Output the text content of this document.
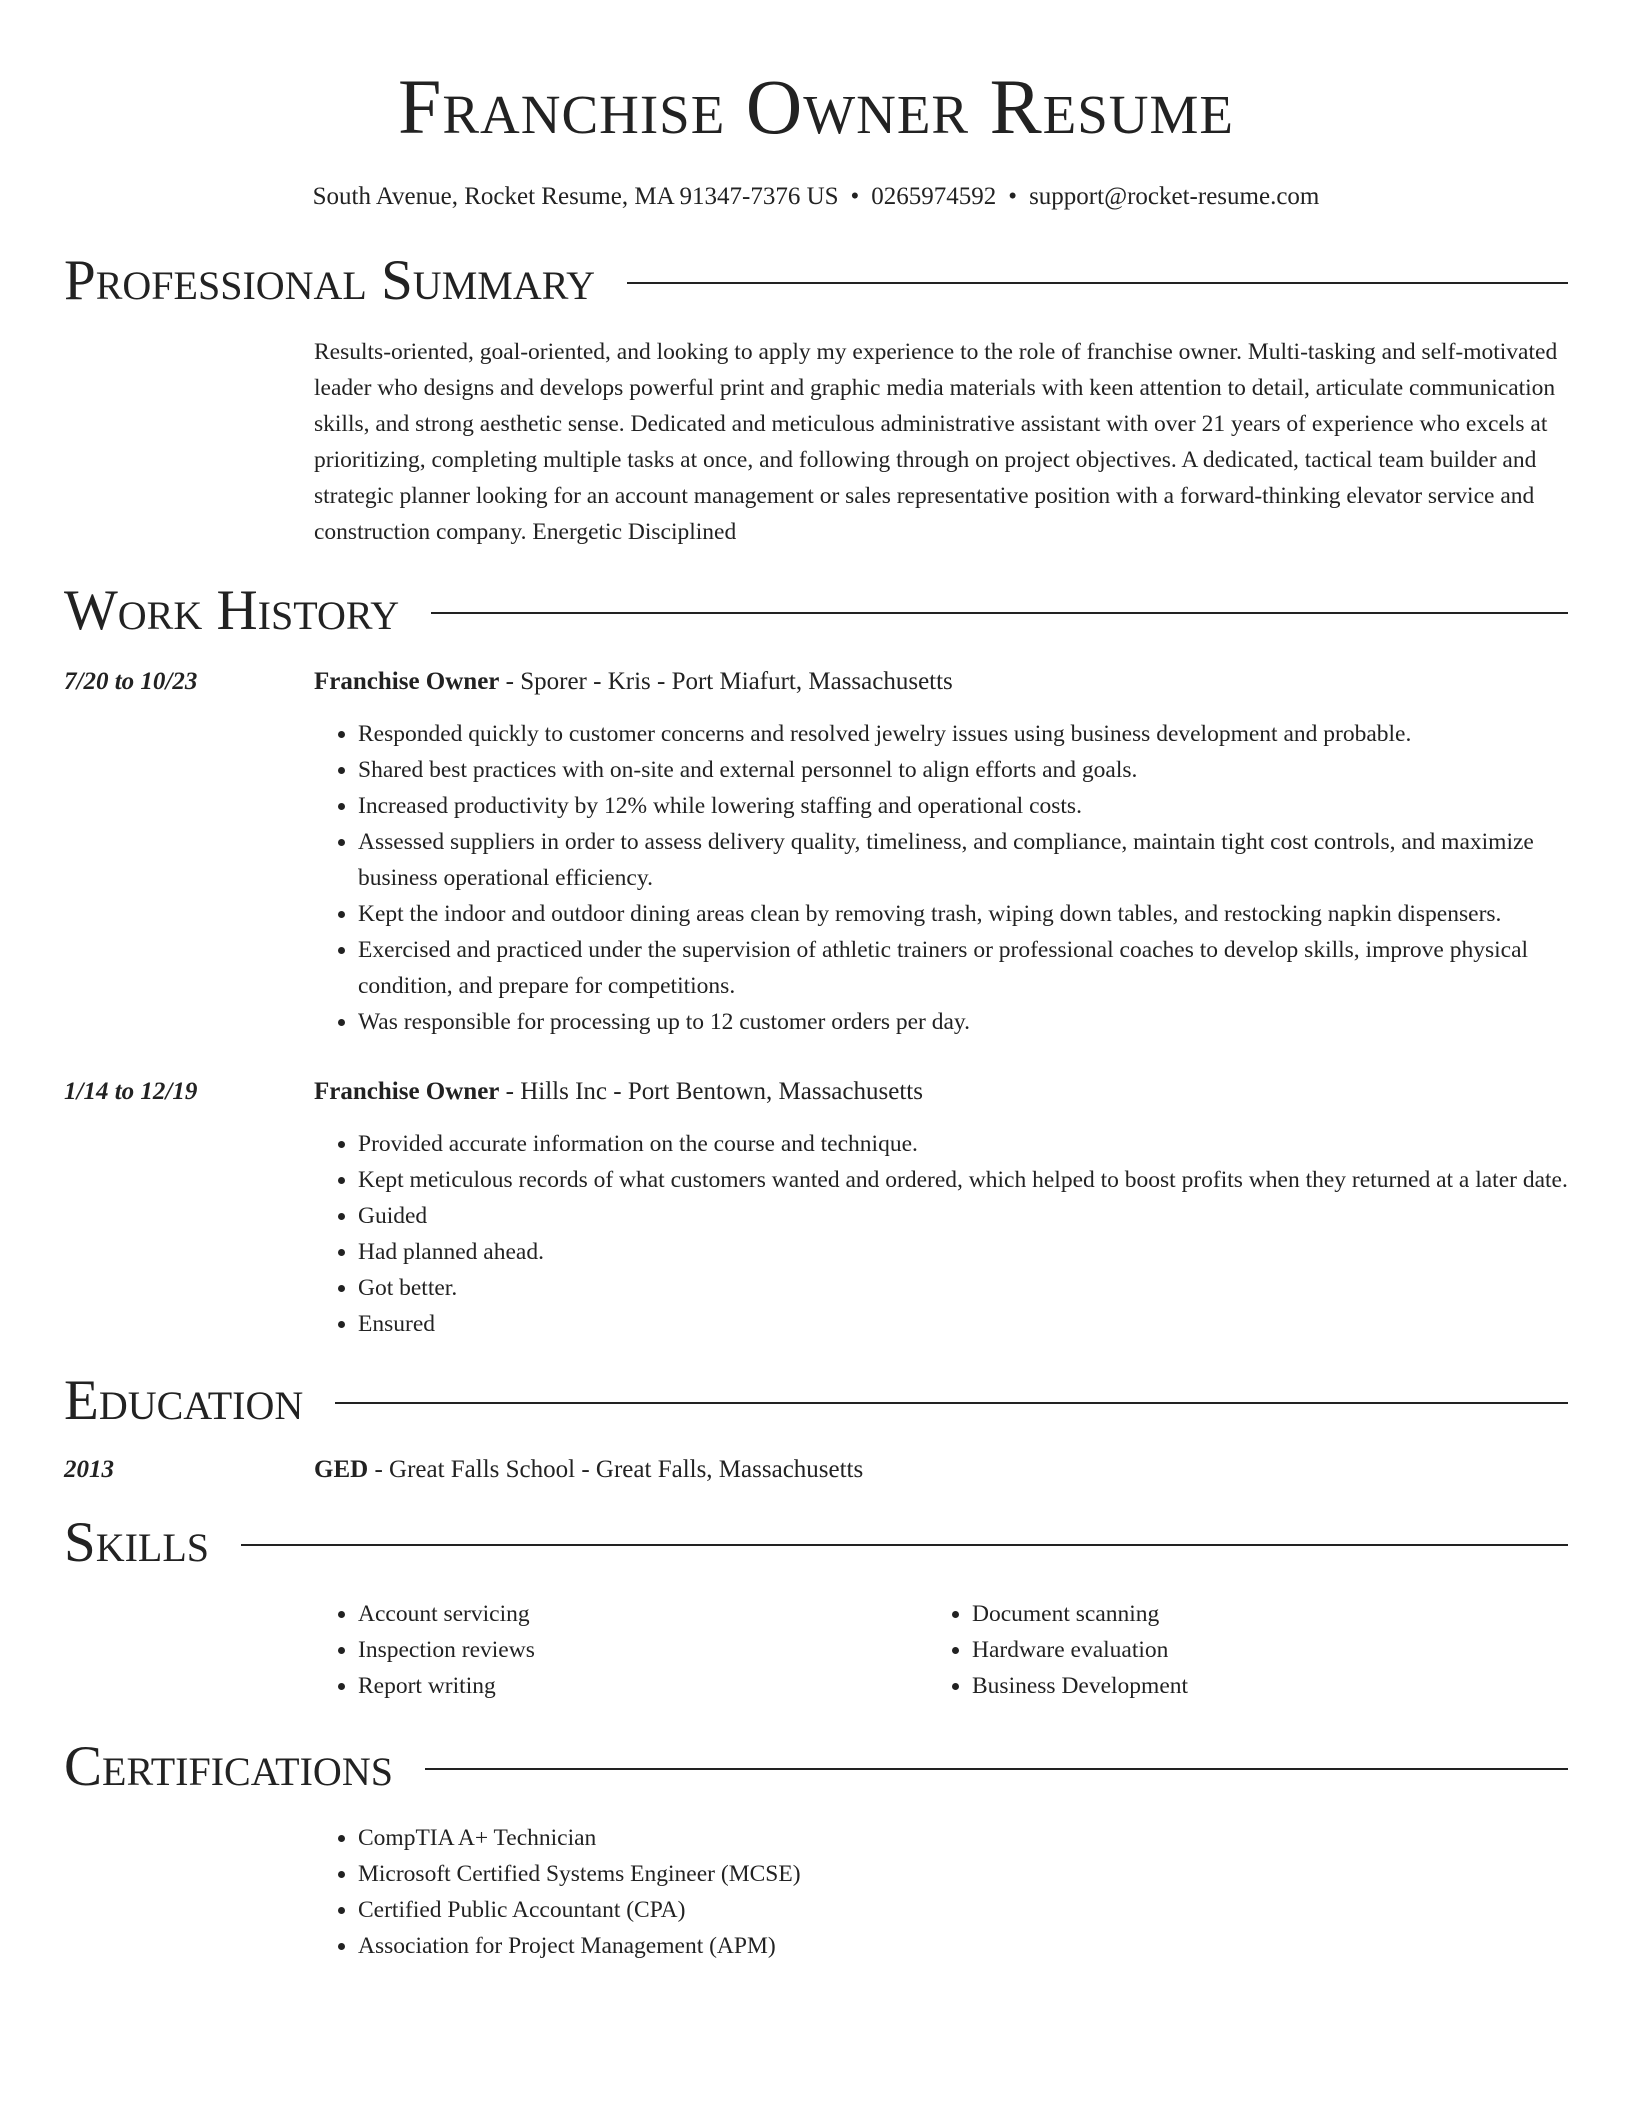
Franchise Owner Resume
South Avenue, Rocket Resume, MA 91347-7376 US • 0265974592 • support@rocket-resume.com
Professional Summary
Results-oriented, goal-oriented, and looking to apply my experience to the role of franchise owner. Multi-tasking and self-motivated leader who designs and develops powerful print and graphic media materials with keen attention to detail, articulate communication skills, and strong aesthetic sense. Dedicated and meticulous administrative assistant with over 21 years of experience who excels at prioritizing, completing multiple tasks at once, and following through on project objectives. A dedicated, tactical team builder and strategic planner looking for an account management or sales representative position with a forward-thinking elevator service and construction company. Energetic Disciplined
Work History
7/20 to 10/23	Franchise Owner - Sporer - Kris - Port Miafurt, Massachusetts
• Responded quickly to customer concerns and resolved jewelry issues using business development and probable.
• Shared best practices with on-site and external personnel to align efforts and goals.
• Increased productivity by 12% while lowering staffing and operational costs.
• Assessed suppliers in order to assess delivery quality, timeliness, and compliance, maintain tight cost controls, and maximize business operational efficiency.
• Kept the indoor and outdoor dining areas clean by removing trash, wiping down tables, and restocking napkin dispensers.
• Exercised and practiced under the supervision of athletic trainers or professional coaches to develop skills, improve physical condition, and prepare for competitions.
• Was responsible for processing up to 12 customer orders per day.
1/14 to 12/19	Franchise Owner - Hills Inc - Port Bentown, Massachusetts
• Provided accurate information on the course and technique.
• Kept meticulous records of what customers wanted and ordered, which helped to boost profits when they returned at a later date.
• Guided
• Had planned ahead.
• Got better.
• Ensured
Education
2013	GED - Great Falls School - Great Falls, Massachusetts
Skills
• Account servicing
• Inspection reviews
• Report writing
• Document scanning
• Hardware evaluation
• Business Development
Certifications
• CompTIA A+ Technician
• Microsoft Certified Systems Engineer (MCSE)
• Certified Public Accountant (CPA)
• Association for Project Management (APM)
